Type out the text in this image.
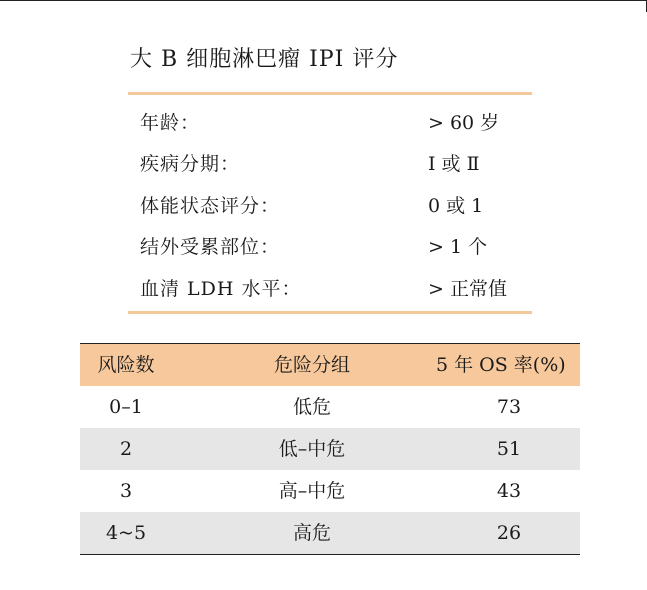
大 B 细胞淋巴瘤 IPI 评分
年龄：	> 60 岁
疾病分期：	Ⅰ 或 Ⅱ
体能状态评分：	0 或 1
结外受累部位：	> 1 个
血清 LDH 水平：	> 正常值
风险数	危险分组	5 年 OS 率(%)
0–1	低危	73
2	低–中危	51
3	高–中危	43
4~5	高危	26
